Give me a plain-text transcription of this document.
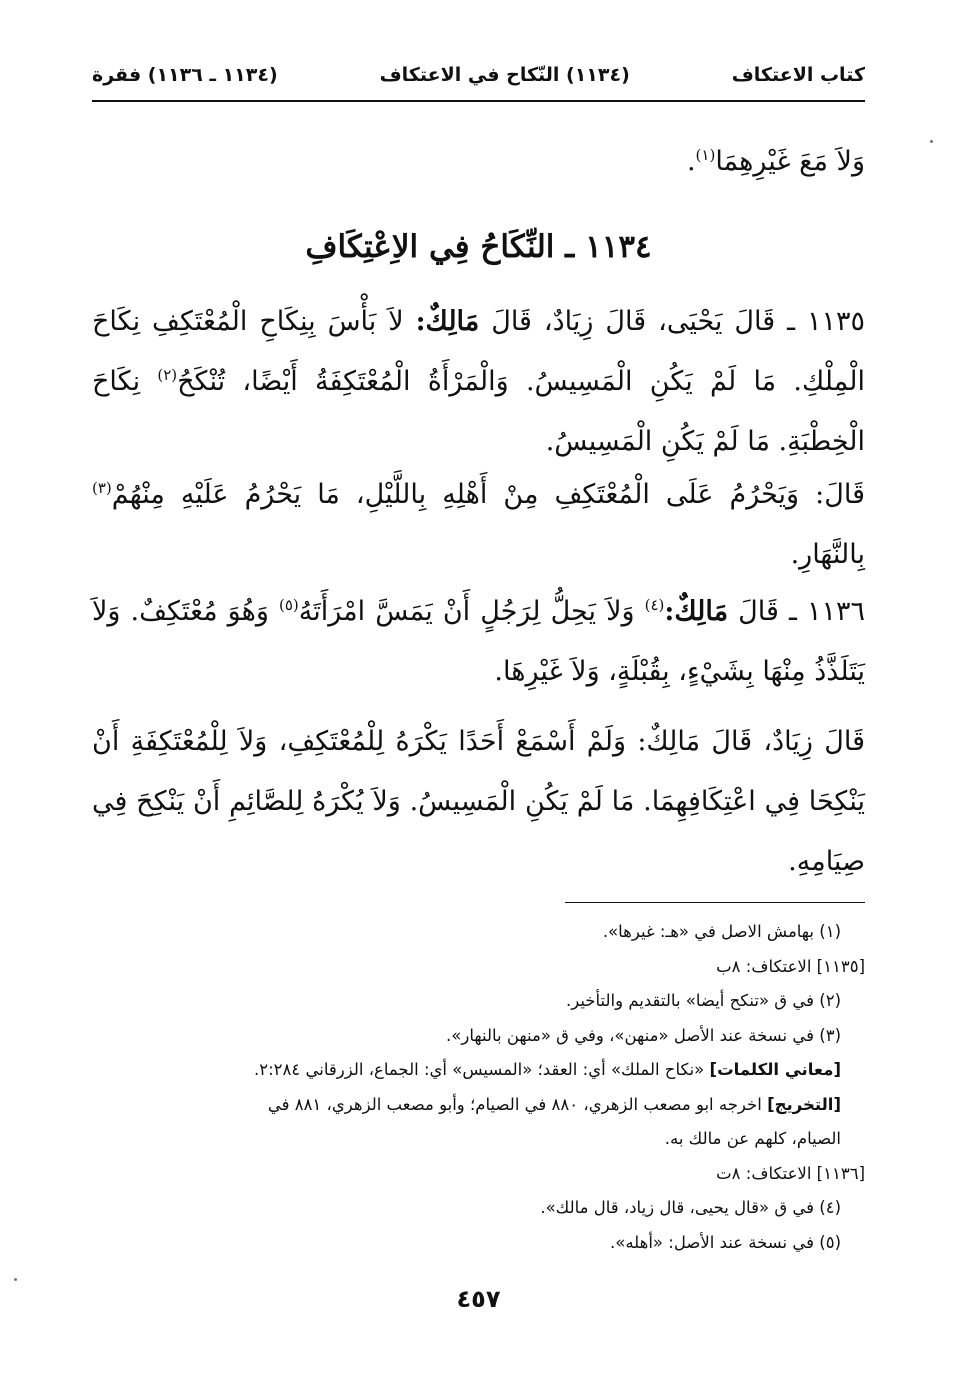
كتاب الاعتكاف
(١١٣٤) النّكاح في الاعتكاف
(١١٣٤ ـ ١١٣٦) فقرة
وَلاَ مَعَ غَيْرِهِمَا$^{(١)}$.
١١٣٤ ـ النِّكَاحُ فِي الاِعْتِكَافِ
١١٣٥ ـ قَالَ يَحْيَى، قَالَ زِيَادٌ، قَالَ مَالِكٌ: لاَ بَأْسَ بِنِكَاحِ الْمُعْتَكِفِ نِكَاحَ الْمِلْكِ. مَا لَمْ يَكُنِ الْمَسِيسُ. وَالْمَرْأَةُ الْمُعْتَكِفَةُ أَيْضًا، تُنْكَحُ$^{(٢)}$ نِكَاحَ الْخِطْبَةِ. مَا لَمْ يَكُنِ الْمَسِيسُ.
قَالَ: وَيَحْرُمُ عَلَى الْمُعْتَكِفِ مِنْ أَهْلِهِ بِاللَّيْلِ، مَا يَحْرُمُ عَلَيْهِ مِنْهُمْ$^{(٣)}$ بِالنَّهَارِ.
١١٣٦ ـ قَالَ مَالِكٌ:$^{(٤)}$ وَلاَ يَحِلُّ لِرَجُلٍ أَنْ يَمَسَّ امْرَأَتَهُ$^{(٥)}$ وَهُوَ مُعْتَكِفٌ. وَلاَ يَتَلَذَّذُ مِنْهَا بِشَيْءٍ، بِقُبْلَةٍ، وَلاَ غَيْرِهَا.
قَالَ زِيَادٌ، قَالَ مَالِكٌ: وَلَمْ أَسْمَعْ أَحَدًا يَكْرَهُ لِلْمُعْتَكِفِ، وَلاَ لِلْمُعْتَكِفَةِ أَنْ يَنْكِحَا فِي اعْتِكَافِهِمَا. مَا لَمْ يَكُنِ الْمَسِيسُ. وَلاَ يُكْرَهُ لِلصَّائِمِ أَنْ يَنْكِحَ فِي صِيَامِهِ.
(١) بهامش الاصل في «هـ: غيرها».
[١١٣٥] الاعتكاف: ٨ب
(٢) في ق «تنكح أيضا» بالتقديم والتأخير.
(٣) في نسخة عند الأصل «منهن»، وفي ق «منهن بالنهار».
[معاني الكلمات] «نكاح الملك» أي: العقد؛ «المسيس» أي: الجماع، الزرقاني ٢:٢٨٤.
[التخريج] اخرجه ابو مصعب الزهري، ٨٨٠ في الصيام؛ وأبو مصعب الزهري، ٨٨١ في
الصيام، كلهم عن مالك به.
[١١٣٦] الاعتكاف: ٨ت
(٤) في ق «قال يحيى، قال زياد، قال مالك».
(٥) في نسخة عند الأصل: «أهله».
٤٥٧
